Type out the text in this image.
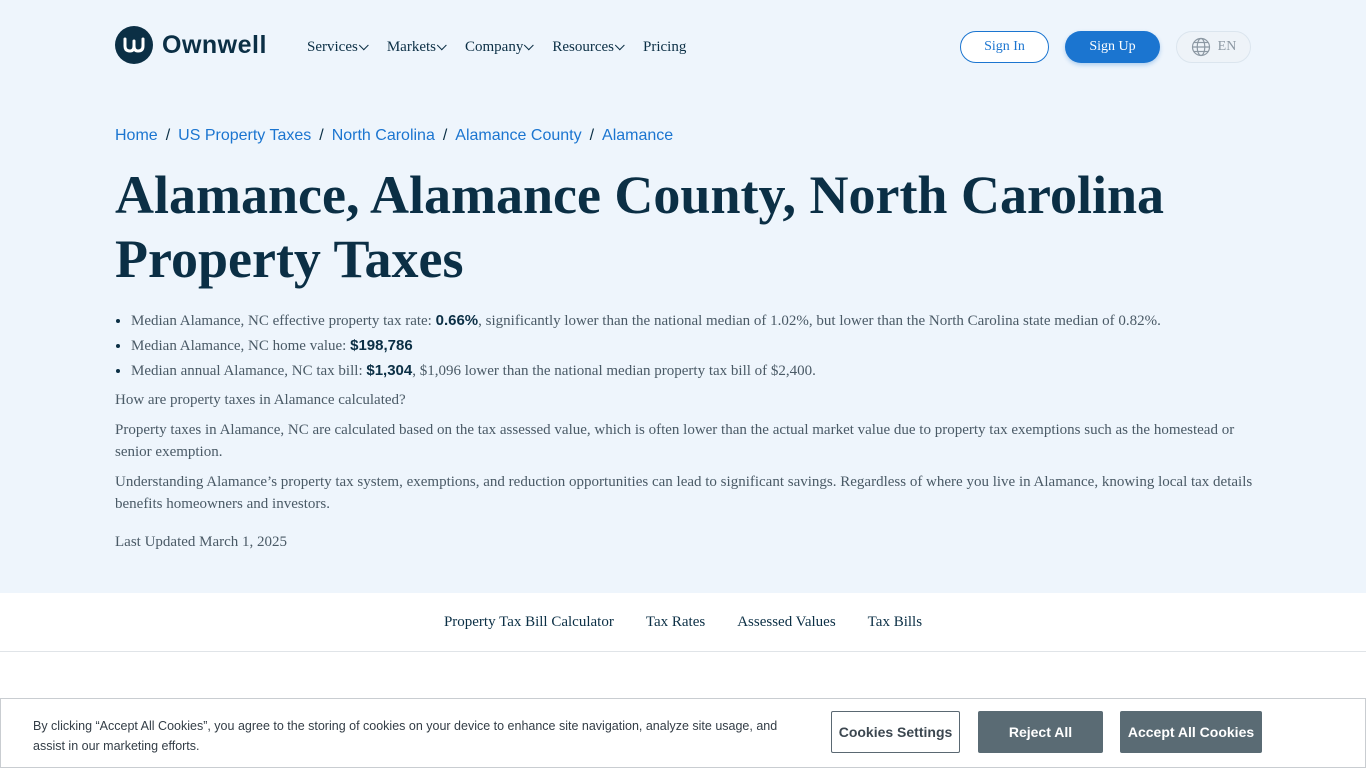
Ownwell	Services Markets Company Resources Pricing	Sign In	Sign Up	EN
Home / US Property Taxes / North Carolina / Alamance County / Alamance
Alamance, Alamance County, North Carolina Property Taxes
• Median Alamance, NC effective property tax rate: 0.66%, significantly lower than the national median of 1.02%, but lower than the North Carolina state median of 0.82%.
• Median Alamance, NC home value: $198,786
• Median annual Alamance, NC tax bill: $1,304, $1,096 lower than the national median property tax bill of $2,400.

How are property taxes in Alamance calculated?

Property taxes in Alamance, NC are calculated based on the tax assessed value, which is often lower than the actual market value due to property tax exemptions such as the homestead or senior exemption.

Understanding Alamance’s property tax system, exemptions, and reduction opportunities can lead to significant savings. Regardless of where you live in Alamance, knowing local tax details benefits homeowners and investors.

Last Updated March 1, 2025

Property Tax Bill Calculator Tax Rates Assessed Values Tax Bills

By clicking “Accept All Cookies”, you agree to the storing of cookies on your device to enhance site navigation, analyze site usage, and assist in our marketing efforts.

Cookies Settings	Reject All	Accept All Cookies
